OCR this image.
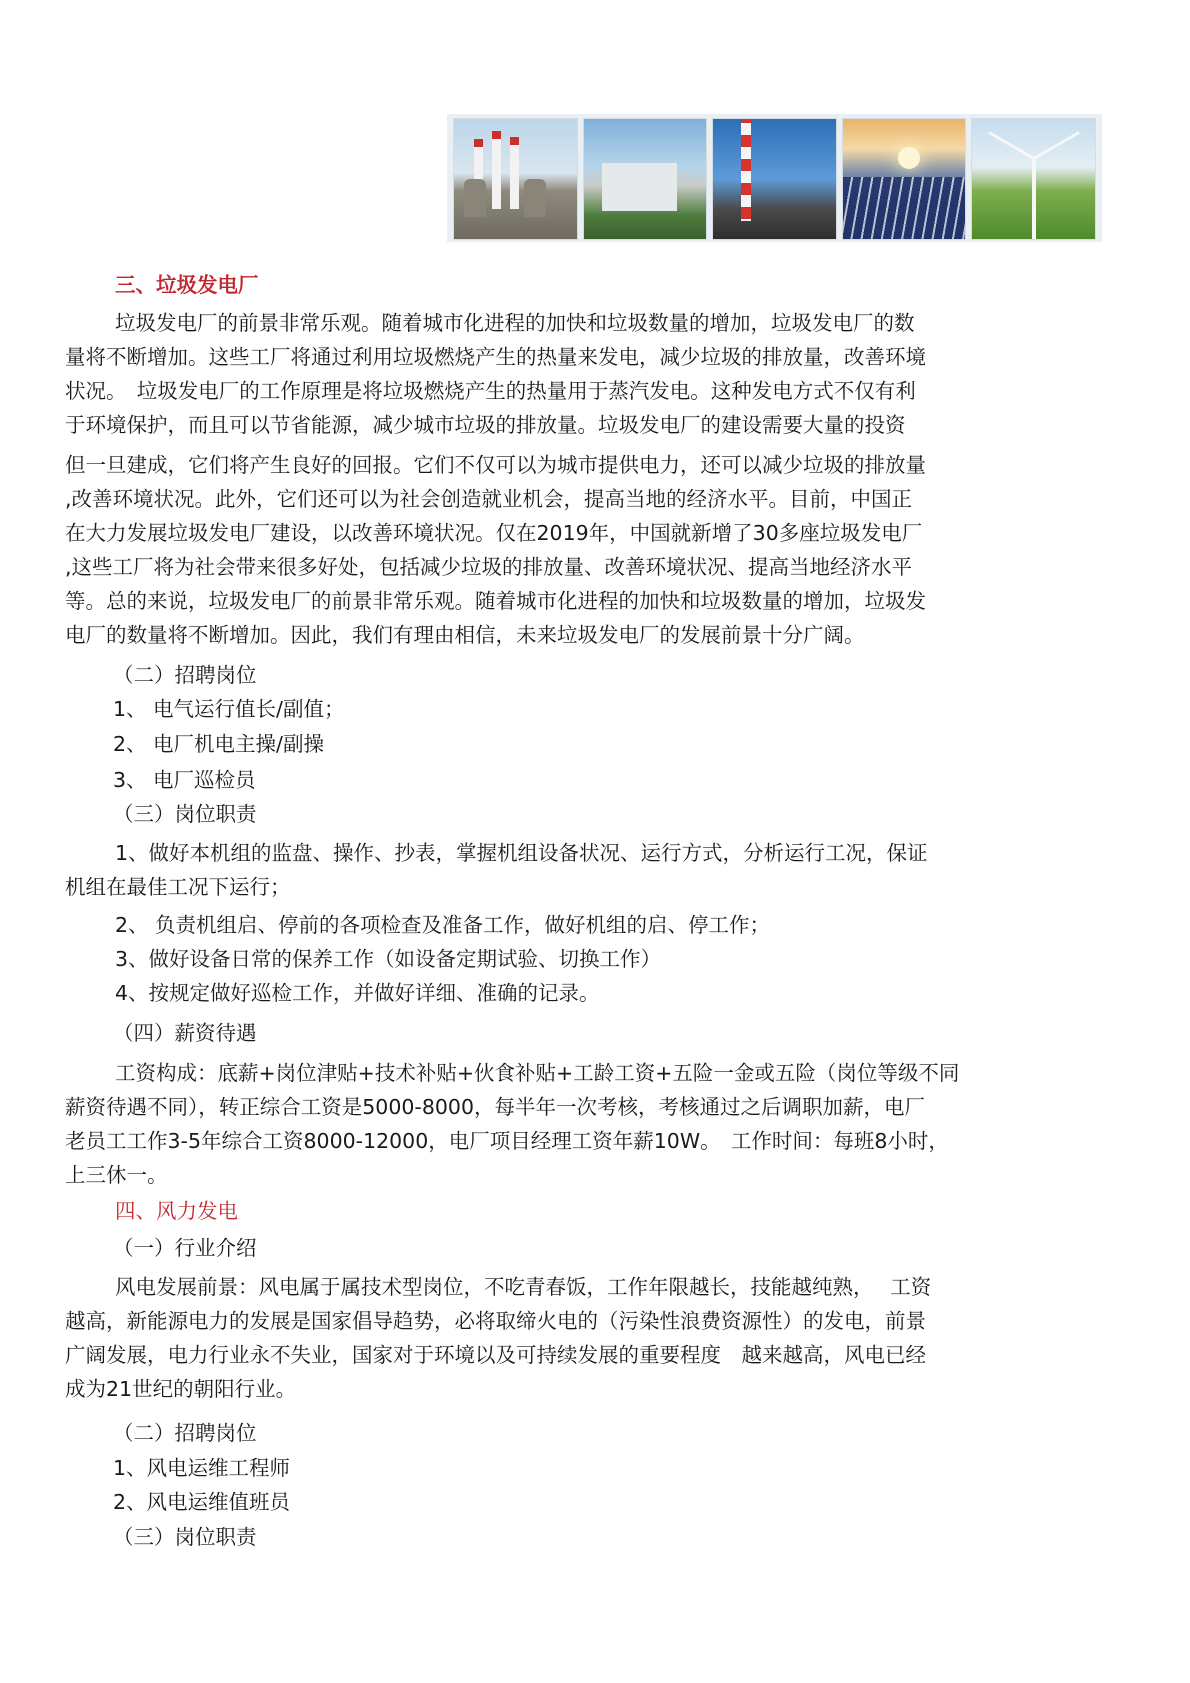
三、垃圾发电厂
垃圾发电厂的前景非常乐观。随着城市化进程的加快和垃圾数量的增加，垃圾发电厂的数
量将不断增加。这些工厂将通过利用垃圾燃烧产生的热量来发电，减少垃圾的排放量，改善环境
状况。　垃圾发电厂的工作原理是将垃圾燃烧产生的热量用于蒸汽发电。这种发电方式不仅有利
于环境保护，而且可以节省能源，减少城市垃圾的排放量。垃圾发电厂的建设需要大量的投资
但一旦建成，它们将产生良好的回报。它们不仅可以为城市提供电力，还可以减少垃圾的排放量
,改善环境状况。此外，它们还可以为社会创造就业机会，提高当地的经济水平。目前，中国正
在大力发展垃圾发电厂建设，以改善环境状况。仅在2019年，中国就新增了30多座垃圾发电厂
,这些工厂将为社会带来很多好处，包括减少垃圾的排放量、改善环境状况、提高当地经济水平
等。总的来说，垃圾发电厂的前景非常乐观。随着城市化进程的加快和垃圾数量的增加，垃圾发
电厂的数量将不断增加。因此，我们有理由相信，未来垃圾发电厂的发展前景十分广阔。
（二）招聘岗位

1、 电气运行值长/副值；

2、 电厂机电主操/副操

3、 电厂巡检员

（三）岗位职责
1、做好本机组的监盘、操作、抄表，掌握机组设备状况、运行方式，分析运行工况，保证
机组在最佳工况下运行；
2、 负责机组启、停前的各项检查及准备工作，做好机组的启、停工作；
3、做好设备日常的保养工作（如设备定期试验、切换工作）
4、按规定做好巡检工作，并做好详细、准确的记录。
（四）薪资待遇
工资构成：底薪+岗位津贴+技术补贴+伙食补贴+工龄工资+五险一金或五险（岗位等级不同
薪资待遇不同），转正综合工资是5000-8000，每半年一次考核，考核通过之后调职加薪，电厂
老员工工作3-5年综合工资8000-12000，电厂项目经理工资年薪10W。　工作时间：每班8小时，
上三休一。
四、风力发电
（一）行业介绍
风电发展前景：风电属于属技术型岗位，不吃青春饭，工作年限越长，技能越纯熟，　 工资
越高，新能源电力的发展是国家倡导趋势，必将取缔火电的（污染性浪费资源性）的发电，前景
广阔发展，电力行业永不失业，国家对于环境以及可持续发展的重要程度　越来越高，风电已经
成为21世纪的朝阳行业。
（二）招聘岗位

1、风电运维工程师

2、风电运维值班员

（三）岗位职责
